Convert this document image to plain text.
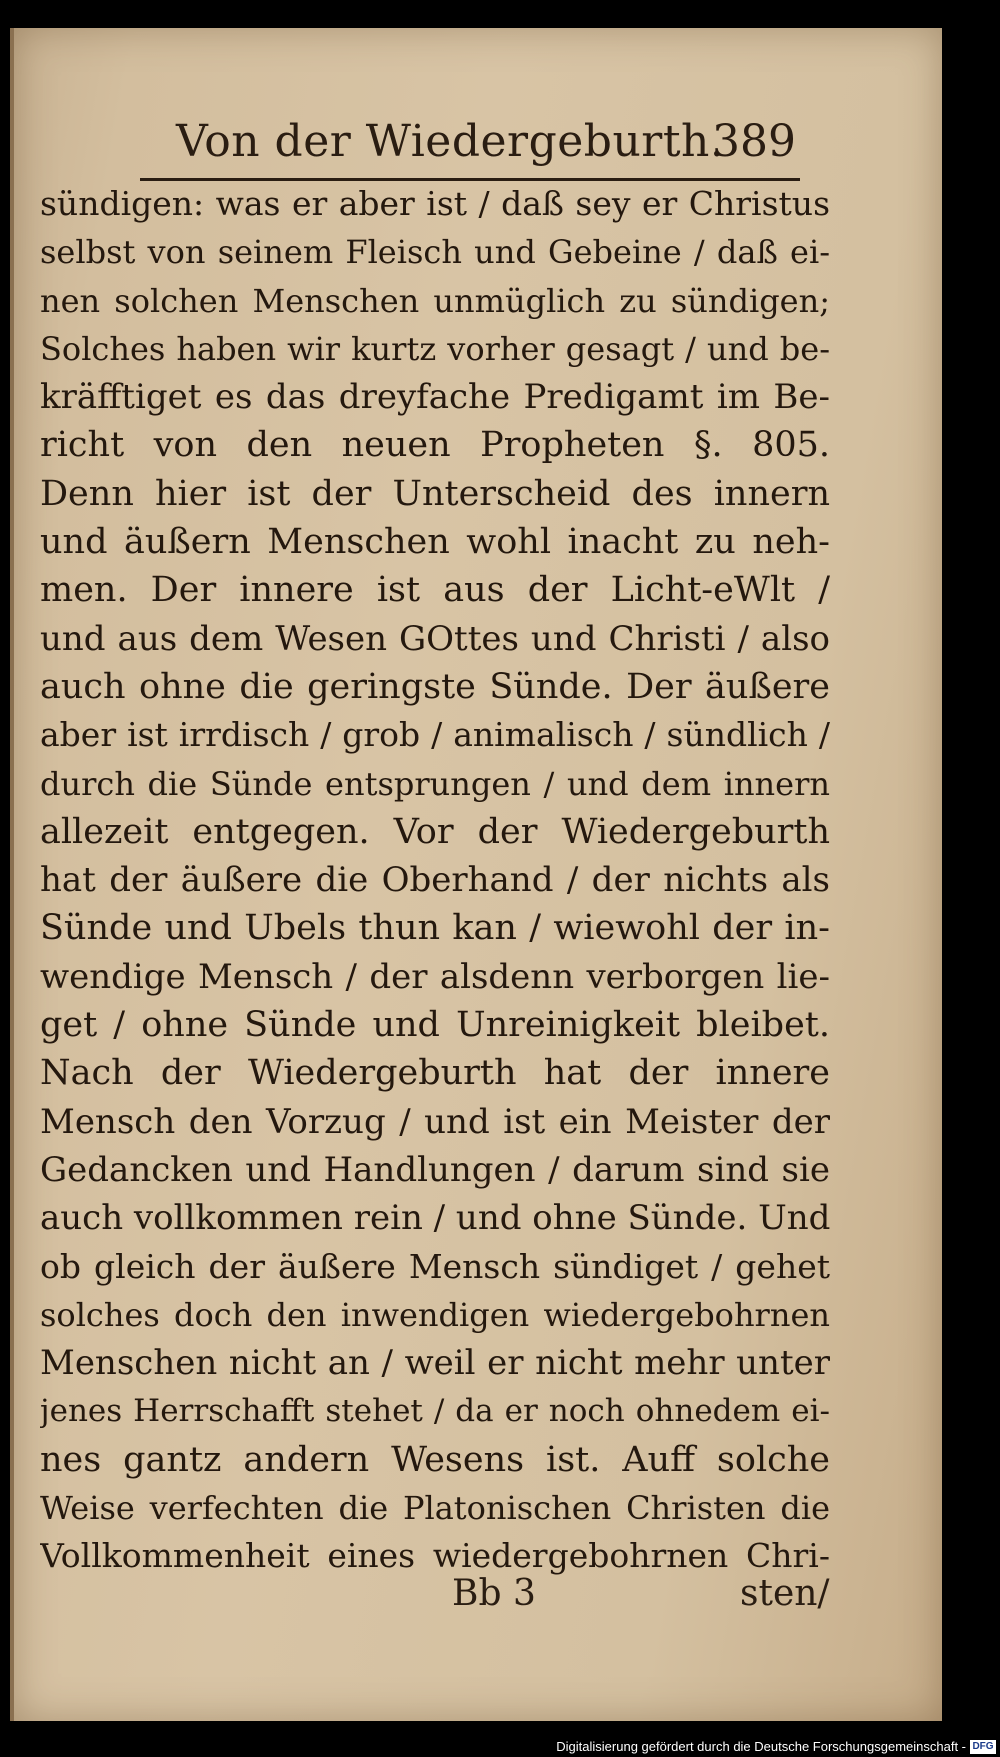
Von der Wiedergeburth.
389
sündigen: was er aber ist / daß sey er Christus
selbst von seinem Fleisch und Gebeine / daß ei-
nen solchen Menschen unmüglich zu sündigen;
Solches haben wir kurtz vorher gesagt / und be-
kräfftiget es das dreyfache Predigamt im Be-
richt von den neuen Propheten §. 805.
Denn hier ist der Unterscheid des innern
und äußern Menschen wohl inacht zu neh-
men. Der innere ist aus der Licht-eWlt /
und aus dem Wesen GOttes und Christi / also
auch ohne die geringste Sünde. Der äußere
aber ist irrdisch / grob / animalisch / sündlich /
durch die Sünde entsprungen / und dem innern
allezeit entgegen. Vor der Wiedergeburth
hat der äußere die Oberhand / der nichts als
Sünde und Ubels thun kan / wiewohl der in-
wendige Mensch / der alsdenn verborgen lie-
get / ohne Sünde und Unreinigkeit bleibet.
Nach der Wiedergeburth hat der innere
Mensch den Vorzug / und ist ein Meister der
Gedancken und Handlungen / darum sind sie
auch vollkommen rein / und ohne Sünde. Und
ob gleich der äußere Mensch sündiget / gehet
solches doch den inwendigen wiedergebohrnen
Menschen nicht an / weil er nicht mehr unter
jenes Herrschafft stehet / da er noch ohnedem ei-
nes gantz andern Wesens ist. Auff solche
Weise verfechten die Platonischen Christen die
Vollkommenheit eines wiedergebohrnen Chri-
Bb 3	sten/
Digitalisierung gefördert durch die Deutsche Forschungsgemeinschaft - DFG
